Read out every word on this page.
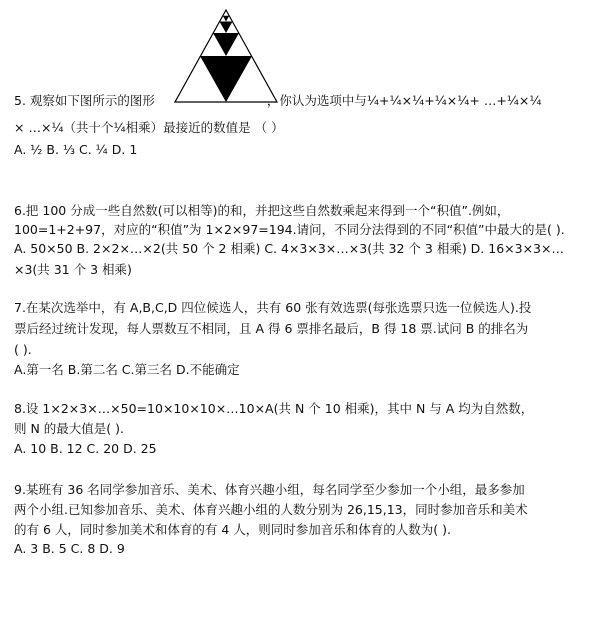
5. 观察如下图所示的图形	，你认为选项中与¼+¼×¼+¼×¼+ …+¼×¼
× …×¼（共十个¼相乘）最接近的数值是 （ ）
A. ½ B. ⅓ C. ¼ D. 1
6.把 100 分成一些自然数(可以相等)的和，并把这些自然数乘起来得到一个“积值”.例如，
100=1+2+97，对应的“积值”为 1×2×97=194.请问，不同分法得到的不同“积值”中最大的是( ).
A. 50×50 B. 2×2×…×2(共 50 个 2 相乘) C. 4×3×3×…×3(共 32 个 3 相乘) D. 16×3×3×…
×3(共 31 个 3 相乘)
7.在某次选举中，有 A,B,C,D 四位候选人，共有 60 张有效选票(每张选票只选一位候选人).投
票后经过统计发现，每人票数互不相同，且 A 得 6 票排名最后，B 得 18 票.试问 B 的排名为
( ).
A.第一名 B.第二名 C.第三名 D.不能确定
8.设 1×2×3×…×50=10×10×10×…10×A(共 N 个 10 相乘)，其中 N 与 A 均为自然数，
则 N 的最大值是( ).
A. 10 B. 12 C. 20 D. 25
9.某班有 36 名同学参加音乐、美术、体育兴趣小组，每名同学至少参加一个小组，最多参加
两个小组.已知参加音乐、美术、体育兴趣小组的人数分别为 26,15,13，同时参加音乐和美术
的有 6 人，同时参加美术和体育的有 4 人，则同时参加音乐和体育的人数为( ).
A. 3 B. 5 C. 8 D. 9
